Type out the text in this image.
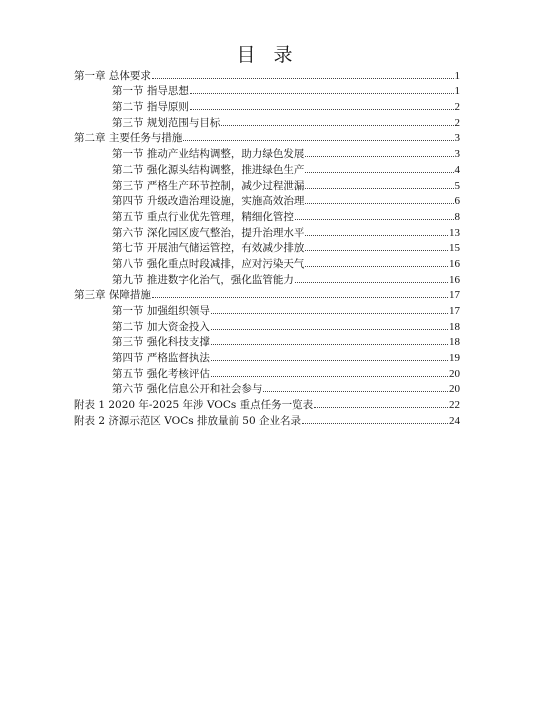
目 录
第一章 总体要求	1
第一节 指导思想	1
第二节 指导原则	2
第三节 规划范围与目标	2
第二章 主要任务与措施	3
第一节 推动产业结构调整，助力绿色发展	3
第二节 强化源头结构调整，推进绿色生产	4
第三节 严格生产环节控制，减少过程泄漏	5
第四节 升级改造治理设施，实施高效治理	6
第五节 重点行业优先管理，精细化管控	8
第六节 深化园区废气整治，提升治理水平	13
第七节 开展油气储运管控，有效减少排放	15
第八节 强化重点时段减排，应对污染天气	16
第九节 推进数字化治气，强化监管能力	16
第三章 保障措施	17
第一节 加强组织领导	17
第二节 加大资金投入	18
第三节 强化科技支撑	18
第四节 严格监督执法	19
第五节 强化考核评估	20
第六节 强化信息公开和社会参与	20
附表 1 2020 年-2025 年涉 VOCs 重点任务一览表	22
附表 2 济源示范区 VOCs 排放量前 50 企业名录	24
